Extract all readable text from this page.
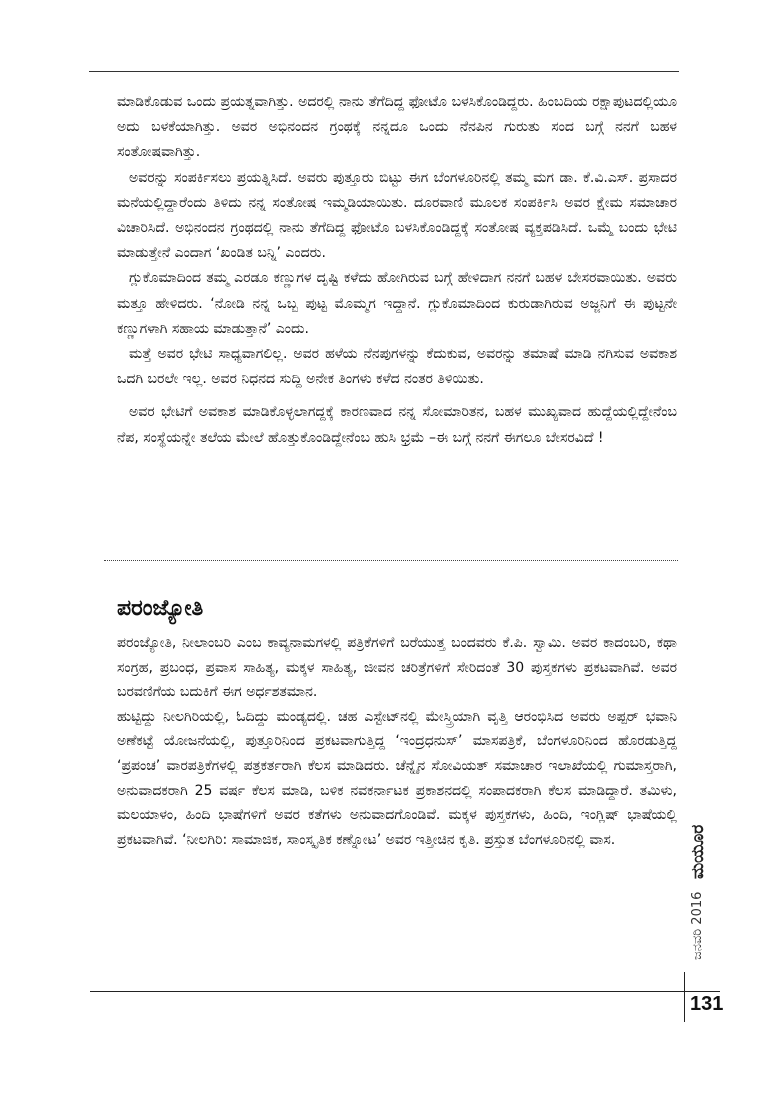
ಮಾಡಿಕೊಡುವ ಒಂದು ಪ್ರಯತ್ನವಾಗಿತ್ತು. ಅದರಲ್ಲಿ ನಾನು ತೆಗೆದಿದ್ದ ಫೋಟೊ ಬಳಸಿಕೊಂಡಿದ್ದರು. ಹಿಂಬದಿಯ ರಕ್ಷಾಪುಟದಲ್ಲಿಯೂ ಅದು ಬಳಕೆಯಾಗಿತ್ತು. ಅವರ ಅಭಿನಂದನ ಗ್ರಂಥಕ್ಕೆ ನನ್ನದೂ ಒಂದು ನೆನಪಿನ ಗುರುತು ಸಂದ ಬಗ್ಗೆ ನನಗೆ ಬಹಳ ಸಂತೋಷವಾಗಿತ್ತು.

ಅವರನ್ನು ಸಂಪರ್ಕಿಸಲು ಪ್ರಯತ್ನಿಸಿದೆ. ಅವರು ಪುತ್ತೂರು ಬಿಟ್ಟು ಈಗ ಬೆಂಗಳೂರಿನಲ್ಲಿ ತಮ್ಮ ಮಗ ಡಾ. ಕೆ.ವಿ.ಎಸ್. ಪ್ರಸಾದರ ಮನೆಯಲ್ಲಿದ್ದಾರೆಂದು ತಿಳಿದು ನನ್ನ ಸಂತೋಷ ಇಮ್ಮಡಿಯಾಯಿತು. ದೂರವಾಣಿ ಮೂಲಕ ಸಂಪರ್ಕಿಸಿ ಅವರ ಕ್ಷೇಮ ಸಮಾಚಾರ ವಿಚಾರಿಸಿದೆ. ಅಭಿನಂದನ ಗ್ರಂಥದಲ್ಲಿ ನಾನು ತೆಗೆದಿದ್ದ ಫೋಟೊ ಬಳಸಿಕೊಂಡಿದ್ದಕ್ಕೆ ಸಂತೋಷ ವ್ಯಕ್ತಪಡಿಸಿದೆ. ಒಮ್ಮೆ ಬಂದು ಭೇಟಿ ಮಾಡುತ್ತೇನೆ ಎಂದಾಗ ‘ಖಂಡಿತ ಬನ್ನಿ’ ಎಂದರು.

ಗ್ಲುಕೊಮಾದಿಂದ ತಮ್ಮ ಎರಡೂ ಕಣ್ಣುಗಳ ದೃಷ್ಟಿ ಕಳೆದು ಹೋಗಿರುವ ಬಗ್ಗೆ ಹೇಳಿದಾಗ ನನಗೆ ಬಹಳ ಬೇಸರವಾಯಿತು. ಅವರು ಮತ್ತೂ ಹೇಳಿದರು. ‘ನೋಡಿ ನನ್ನ ಒಬ್ಬ ಪುಟ್ಟ ಮೊಮ್ಮಗ ಇದ್ದಾನೆ. ಗ್ಲುಕೊಮಾದಿಂದ ಕುರುಡಾಗಿರುವ ಅಜ್ಜನಿಗೆ ಈ ಪುಟ್ಟನೇ ಕಣ್ಣುಗಳಾಗಿ ಸಹಾಯ ಮಾಡುತ್ತಾನೆ’ ಎಂದು.

ಮತ್ತೆ ಅವರ ಭೇಟಿ ಸಾಧ್ಯವಾಗಲಿಲ್ಲ. ಅವರ ಹಳೆಯ ನೆನಪುಗಳನ್ನು ಕೆದುಕುವ, ಅವರನ್ನು ತಮಾಷೆ ಮಾಡಿ ನಗಿಸುವ ಅವಕಾಶ ಒದಗಿ ಬರಲೇ ಇಲ್ಲ. ಅವರ ನಿಧನದ ಸುದ್ದಿ ಅನೇಕ ತಿಂಗಳು ಕಳೆದ ನಂತರ ತಿಳಿಯಿತು.

ಅವರ ಭೇಟಿಗೆ ಅವಕಾಶ ಮಾಡಿಕೊಳ್ಳಲಾಗದ್ದಕ್ಕೆ ಕಾರಣವಾದ ನನ್ನ ಸೋಮಾರಿತನ, ಬಹಳ ಮುಖ್ಯವಾದ ಹುದ್ದೆಯಲ್ಲಿದ್ದೇನೆಂಬ ನೆಪ, ಸಂಸ್ಥೆಯನ್ನೇ ತಲೆಯ ಮೇಲೆ ಹೊತ್ತುಕೊಂಡಿದ್ದೇನೆಂಬ ಹುಸಿ ಭ್ರಮೆ –ಈ ಬಗ್ಗೆ ನನಗೆ ಈಗಲೂ ಬೇಸರವಿದೆ !

ಪರಂಜ್ಯೋತಿ

ಪರಂಜ್ಯೋತಿ, ನೀಲಾಂಬರಿ ಎಂಬ ಕಾವ್ಯನಾಮಗಳಲ್ಲಿ ಪತ್ರಿಕೆಗಳಿಗೆ ಬರೆಯುತ್ತ ಬಂದವರು ಕೆ.ಪಿ. ಸ್ವಾಮಿ. ಅವರ ಕಾದಂಬರಿ, ಕಥಾ ಸಂಗ್ರಹ, ಪ್ರಬಂಧ, ಪ್ರವಾಸ ಸಾಹಿತ್ಯ, ಮಕ್ಕಳ ಸಾಹಿತ್ಯ, ಜೀವನ ಚರಿತ್ರೆಗಳಿಗೆ ಸೇರಿದಂತೆ 30 ಪುಸ್ತಕಗಳು ಪ್ರಕಟವಾಗಿವೆ. ಅವರ ಬರವಣಿಗೆಯ ಬದುಕಿಗೆ ಈಗ ಅರ್ಧಶತಮಾನ.

ಹುಟ್ಟಿದ್ದು ನೀಲಗಿರಿಯಲ್ಲಿ, ಓದಿದ್ದು ಮಂಡ್ಯದಲ್ಲಿ. ಚಹ ಎಸ್ಟೇಟ್‌ನಲ್ಲಿ ಮೇಸ್ತ್ರಿಯಾಗಿ ವೃತ್ತಿ ಆರಂಭಿಸಿದ ಅವರು ಅಪ್ಪರ್ ಭವಾನಿ ಅಣೆಕಟ್ಟೆ ಯೋಜನೆಯಲ್ಲಿ, ಪುತ್ತೂರಿನಿಂದ ಪ್ರಕಟವಾಗುತ್ತಿದ್ದ ‘ಇಂದ್ರಧನುಸ್’ ಮಾಸಪತ್ರಿಕೆ, ಬೆಂಗಳೂರಿನಿಂದ ಹೊರಡುತ್ತಿದ್ದ ‘ಪ್ರಪಂಚ’ ವಾರಪತ್ರಿಕೆಗಳಲ್ಲಿ ಪತ್ರಕರ್ತರಾಗಿ ಕೆಲಸ ಮಾಡಿದರು. ಚೆನ್ನೈನ ಸೋವಿಯತ್ ಸಮಾಚಾರ ಇಲಾಖೆಯಲ್ಲಿ ಗುಮಾಸ್ತರಾಗಿ, ಅನುವಾದಕರಾಗಿ 25 ವರ್ಷ ಕೆಲಸ ಮಾಡಿ, ಬಳಿಕ ನವಕರ್ನಾಟಕ ಪ್ರಕಾಶನದಲ್ಲಿ ಸಂಪಾದಕರಾಗಿ ಕೆಲಸ ಮಾಡಿದ್ದಾರೆ. ತಮಿಳು, ಮಲಯಾಳಂ, ಹಿಂದಿ ಭಾಷೆಗಳಿಗೆ ಅವರ ಕತೆಗಳು ಅನುವಾದಗೊಂಡಿವೆ. ಮಕ್ಕಳ ಪುಸ್ತಕಗಳು, ಹಿಂದಿ, ಇಂಗ್ಲಿಷ್ ಭಾಷೆಯಲ್ಲಿ ಪ್ರಕಟವಾಗಿವೆ. ‘ನೀಲಗಿರಿ: ಸಾಮಾಜಿಕ, ಸಾಂಸ್ಕೃತಿಕ ಕಣ್ನೋಟ’ ಅವರ ಇತ್ತೀಚಿನ ಕೃತಿ. ಪ್ರಸ್ತುತ ಬೆಂಗಳೂರಿನಲ್ಲಿ ವಾಸ.

ಜನವರಿ 2016 ಮಯೂರ
131
